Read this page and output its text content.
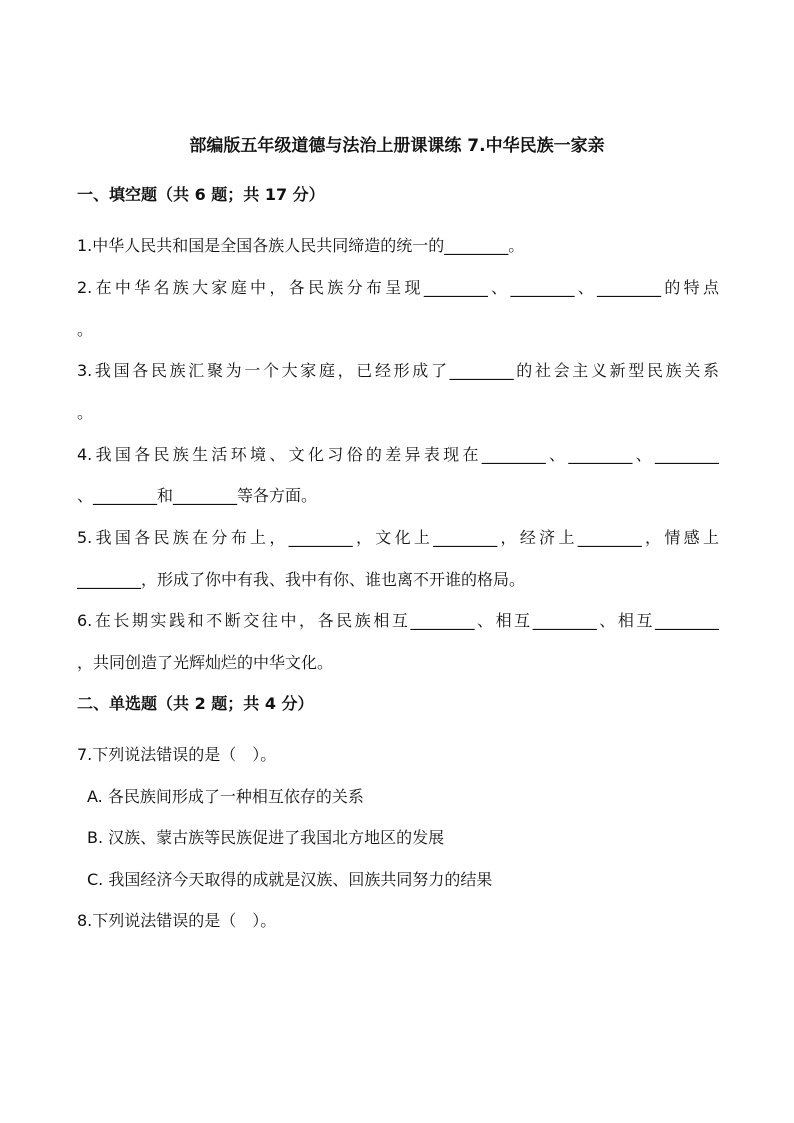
部编版五年级道德与法治上册课课练 7.中华民族一家亲
一、填空题（共 6 题；共 17 分）
1.中华人民共和国是全国各族人民共同缔造的统一的________。
2.在中华名族大家庭中，各民族分布呈现________、________、________的特点
。
3.我国各民族汇聚为一个大家庭，已经形成了________的社会主义新型民族关系
。
4.我国各民族生活环境、文化习俗的差异表现在________、________、________
、________和________等各方面。
5.我国各民族在分布上，________，文化上________，经济上________，情感上
________，形成了你中有我、我中有你、谁也离不开谁的格局。
6.在长期实践和不断交往中，各民族相互________、相互________、相互________
，共同创造了光辉灿烂的中华文化。
二、单选题（共 2 题；共 4 分）
7.下列说法错误的是（　）。
A. 各民族间形成了一种相互依存的关系
B. 汉族、蒙古族等民族促进了我国北方地区的发展
C. 我国经济今天取得的成就是汉族、回族共同努力的结果
8.下列说法错误的是（　）。
